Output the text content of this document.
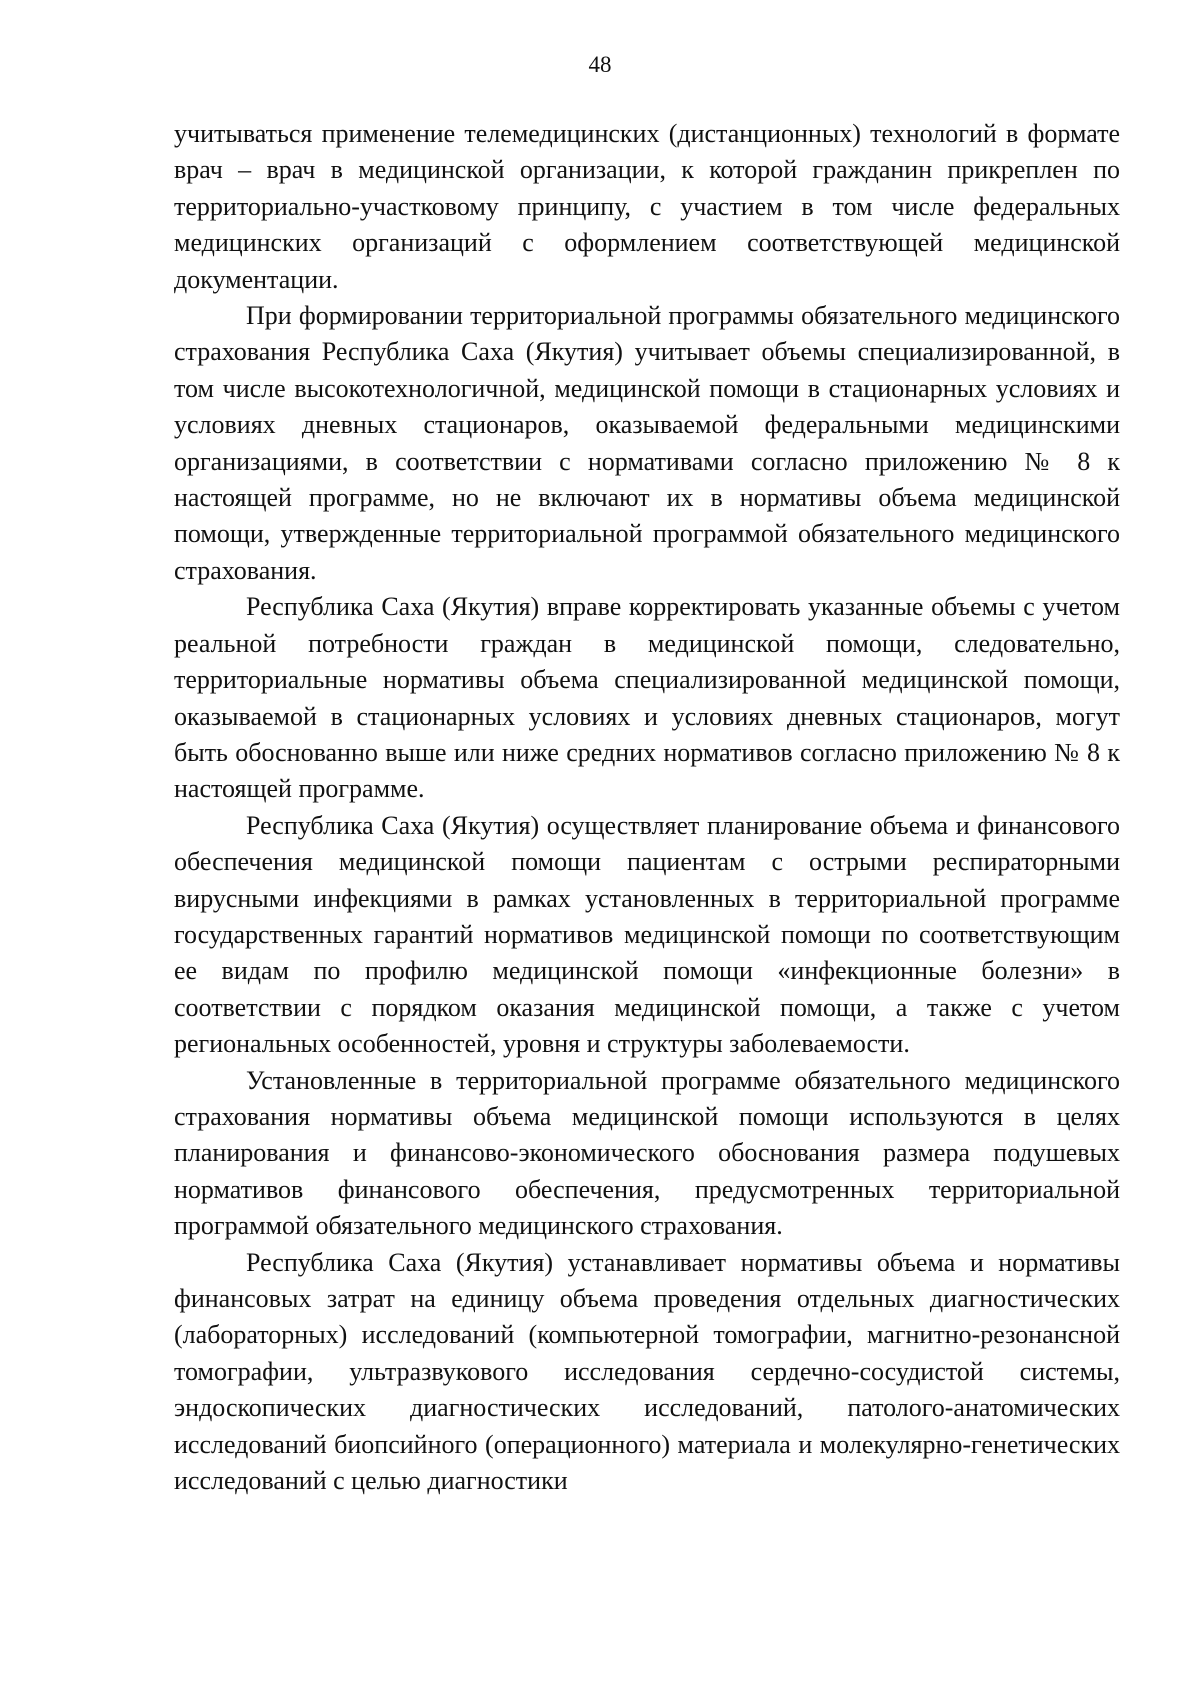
48

учитываться применение телемедицинских (дистанционных) технологий в формате врач – врач в медицинской организации, к которой гражданин прикреплен по территориально-участковому принципу, с участием в том числе федеральных медицинских организаций с оформлением соответствующей медицинской документации.

При формировании территориальной программы обязательного медицинского страхования Республика Саха (Якутия) учитывает объемы специализированной, в том числе высокотехнологичной, медицинской помощи в стационарных условиях и условиях дневных стационаров, оказываемой федеральными медицинскими организациями, в соответствии с нормативами согласно приложению № 8 к настоящей программе, но не включают их в нормативы объема медицинской помощи, утвержденные территориальной программой обязательного медицинского страхования.

Республика Саха (Якутия) вправе корректировать указанные объемы с учетом реальной потребности граждан в медицинской помощи, следовательно, территориальные нормативы объема специализированной медицинской помощи, оказываемой в стационарных условиях и условиях дневных стационаров, могут быть обоснованно выше или ниже средних нормативов согласно приложению № 8 к настоящей программе.

Республика Саха (Якутия) осуществляет планирование объема и финансового обеспечения медицинской помощи пациентам с острыми респираторными вирусными инфекциями в рамках установленных в территориальной программе государственных гарантий нормативов медицинской помощи по соответствующим ее видам по профилю медицинской помощи «инфекционные болезни» в соответствии с порядком оказания медицинской помощи, а также с учетом региональных особенностей, уровня и структуры заболеваемости.

Установленные в территориальной программе обязательного медицинского страхования нормативы объема медицинской помощи используются в целях планирования и финансово-экономического обоснования размера подушевых нормативов финансового обеспечения, предусмотренных территориальной программой обязательного медицинского страхования.

Республика Саха (Якутия) устанавливает нормативы объема и нормативы финансовых затрат на единицу объема проведения отдельных диагностических (лабораторных) исследований (компьютерной томографии, магнитно-резонансной томографии, ультразвукового исследования сердечно-сосудистой системы, эндоскопических диагностических исследований, патолого-анатомических исследований биопсийного (операционного) материала и молекулярно-генетических исследований с целью диагностики
